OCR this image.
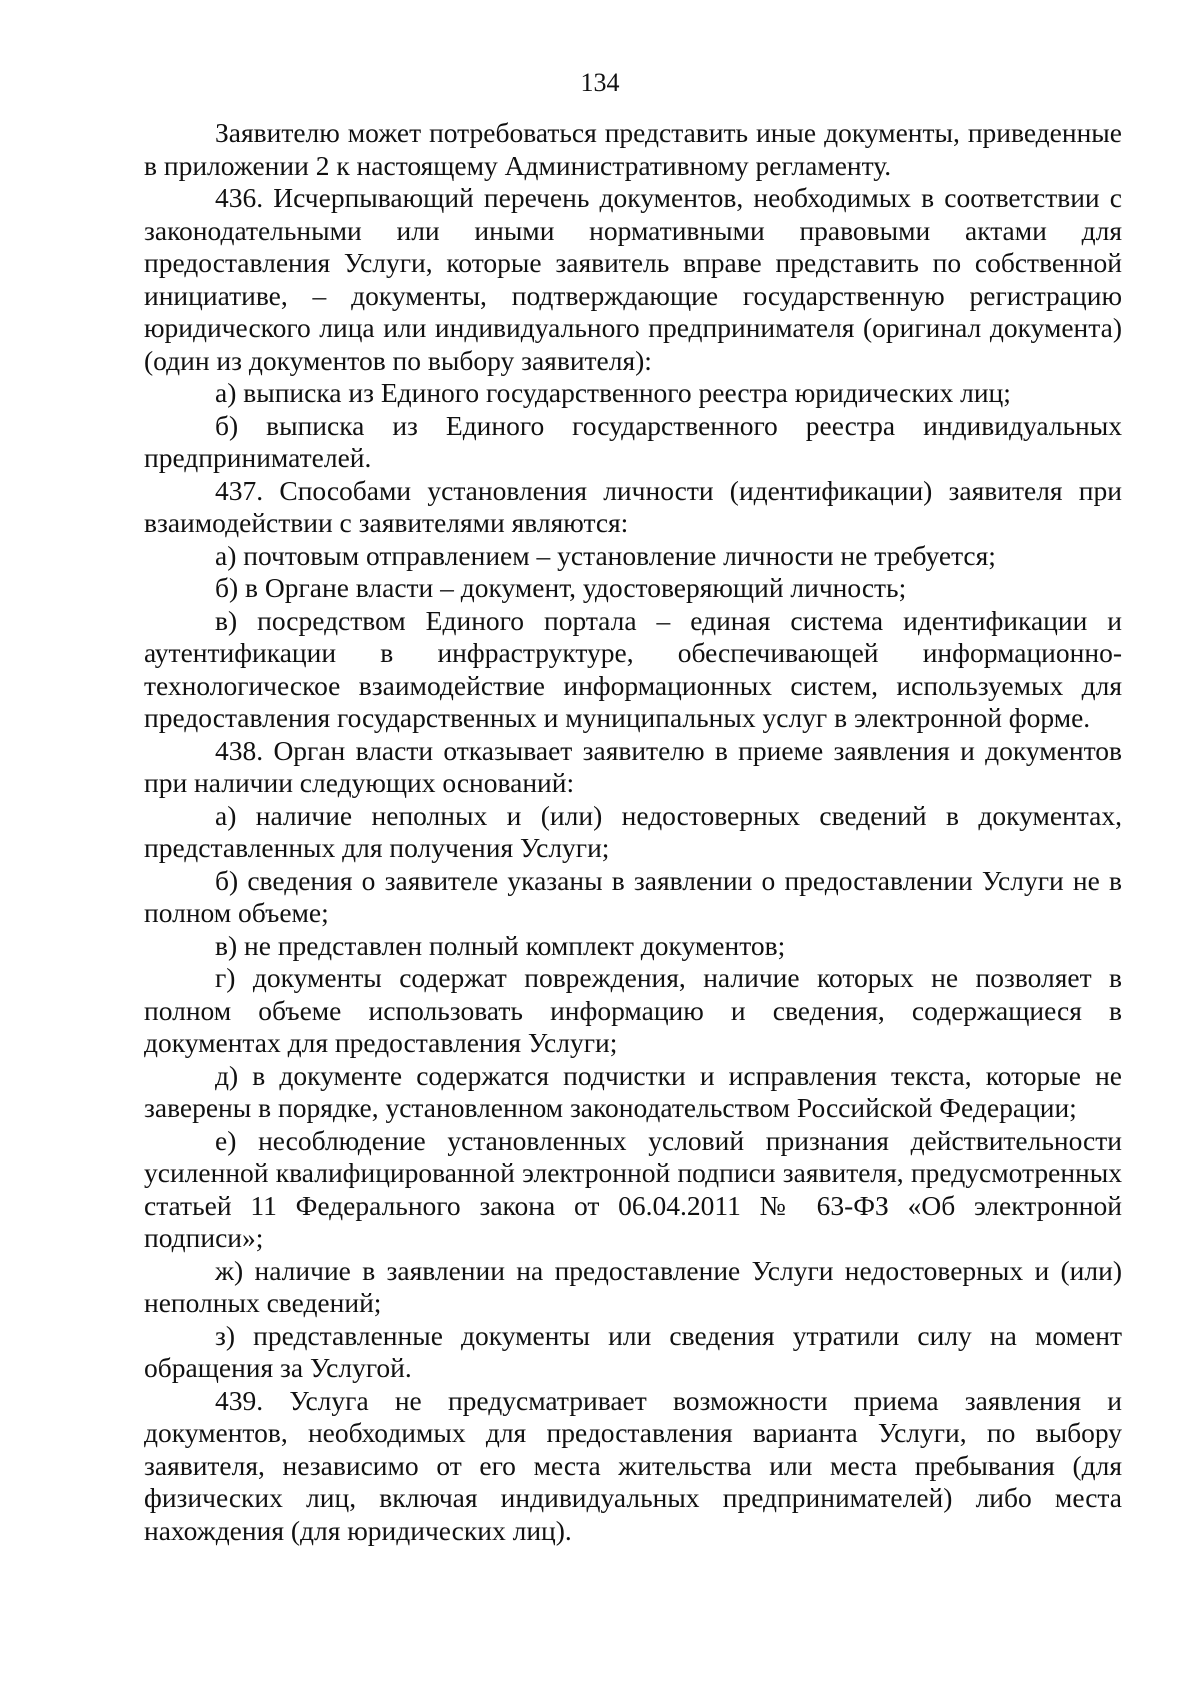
134

Заявителю может потребоваться представить иные документы, приведенные в приложении 2 к настоящему Административному регламенту.

436. Исчерпывающий перечень документов, необходимых в соответствии с законодательными или иными нормативными правовыми актами для предоставления Услуги, которые заявитель вправе представить по собственной инициативе, – документы, подтверждающие государственную регистрацию юридического лица или индивидуального предпринимателя (оригинал документа) (один из документов по выбору заявителя):

а) выписка из Единого государственного реестра юридических лиц;

б) выписка из Единого государственного реестра индивидуальных предпринимателей.

437. Способами установления личности (идентификации) заявителя при взаимодействии с заявителями являются:

а) почтовым отправлением – установление личности не требуется;

б) в Органе власти – документ, удостоверяющий личность;

в) посредством Единого портала – единая система идентификации и аутентификации в инфраструктуре, обеспечивающей информационно-технологическое взаимодействие информационных систем, используемых для предоставления государственных и муниципальных услуг в электронной форме.

438. Орган власти отказывает заявителю в приеме заявления и документов при наличии следующих оснований:

а) наличие неполных и (или) недостоверных сведений в документах, представленных для получения Услуги;

б) сведения о заявителе указаны в заявлении о предоставлении Услуги не в полном объеме;

в) не представлен полный комплект документов;

г) документы содержат повреждения, наличие которых не позволяет в полном объеме использовать информацию и сведения, содержащиеся в документах для предоставления Услуги;

д) в документе содержатся подчистки и исправления текста, которые не заверены в порядке, установленном законодательством Российской Федерации;

е) несоблюдение установленных условий признания действительности усиленной квалифицированной электронной подписи заявителя, предусмотренных статьей 11 Федерального закона от 06.04.2011 № 63-ФЗ «Об электронной подписи»;

ж) наличие в заявлении на предоставление Услуги недостоверных и (или) неполных сведений;

з) представленные документы или сведения утратили силу на момент обращения за Услугой.

439. Услуга не предусматривает возможности приема заявления и документов, необходимых для предоставления варианта Услуги, по выбору заявителя, независимо от его места жительства или места пребывания (для физических лиц, включая индивидуальных предпринимателей) либо места нахождения (для юридических лиц).
